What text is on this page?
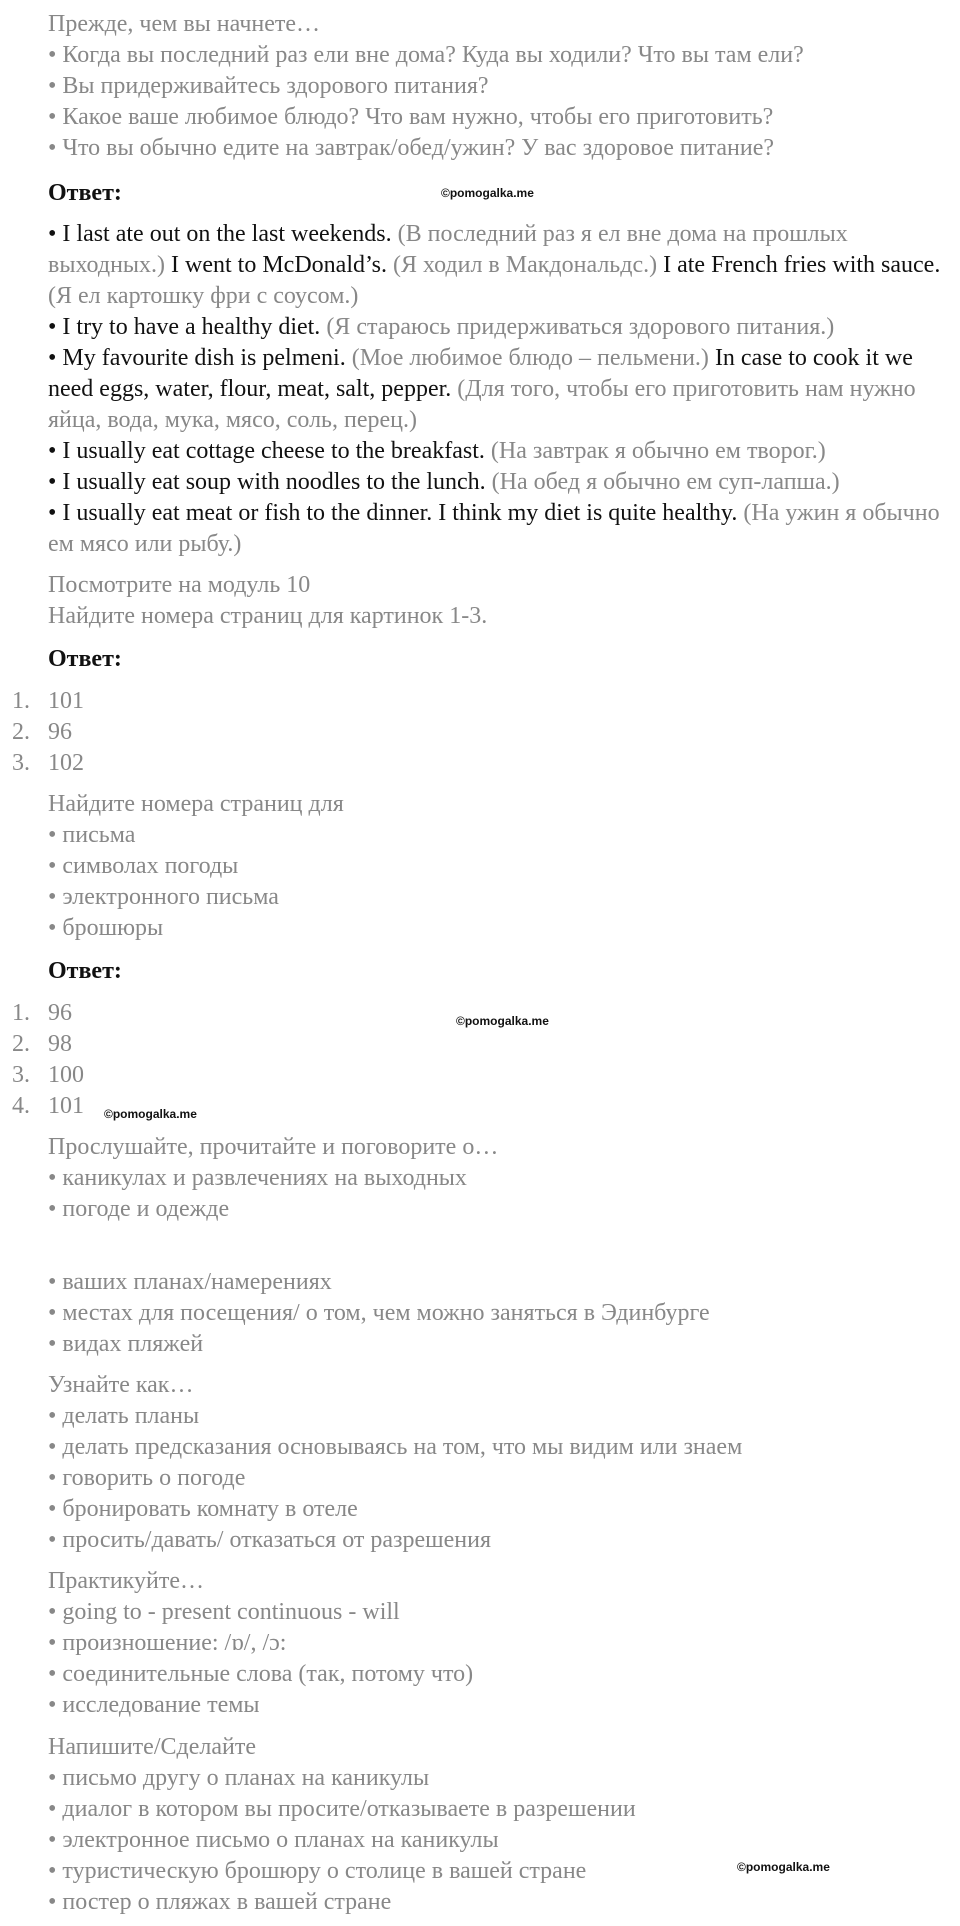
Прежде, чем вы начнете…
• Когда вы последний раз ели вне дома? Куда вы ходили? Что вы там ели?
• Вы придерживайтесь здорового питания?
• Какое ваше любимое блюдо? Что вам нужно, чтобы его приготовить?
• Что вы обычно едите на завтрак/обед/ужин? У вас здоровое питание?
Ответ:	©pomogalka.me
• I last ate out on the last weekends. (В последний раз я ел вне дома на прошлых выходных.) I went to McDonald’s. (Я ходил в Макдональдс.) I ate French fries with sauce. (Я ел картошку фри с соусом.)
• I try to have a healthy diet. (Я стараюсь придерживаться здорового питания.)
• My favourite dish is pelmeni. (Мое любимое блюдо – пельмени.) In case to cook it we need eggs, water, flour, meat, salt, pepper. (Для того, чтобы его приготовить нам нужно яйца, вода, мука, мясо, соль, перец.)
• I usually eat cottage cheese to the breakfast. (На завтрак я обычно ем творог.)
• I usually eat soup with noodles to the lunch. (На обед я обычно ем суп-лапша.)
• I usually eat meat or fish to the dinner. I think my diet is quite healthy. (На ужин я обычно ем мясо или рыбу.)
Посмотрите на модуль 10
Найдите номера страниц для картинок 1-3.
Ответ:
1. 101
2. 96
3. 102
Найдите номера страниц для
• письма
• символах погоды
• электронного письма
• брошюры
Ответ:
1. 96	©pomogalka.me
2. 98
3. 100
4. 101 ©pomogalka.me
Прослушайте, прочитайте и поговорите о…
• каникулах и развлечениях на выходных
• погоде и одежде
• ваших планах/намерениях
• местах для посещения/ о том, чем можно заняться в Эдинбурге
• видах пляжей
Узнайте как…
• делать планы
• делать предсказания основываясь на том, что мы видим или знаем
• говорить о погоде
• бронировать комнату в отеле
• просить/давать/ отказаться от разрешения
Практикуйте…
• going to - present continuous - will
• произношение: /ɒ/, /ɔ:
• соединительные слова (так, потому что)
• исследование темы
Напишите/Сделайте
• письмо другу о планах на каникулы
• диалог в котором вы просите/отказываете в разрешении
• электронное письмо о планах на каникулы
• туристическую брошюру о столице в вашей стране
• постер о пляжах в вашей стране
©pomogalka.me
